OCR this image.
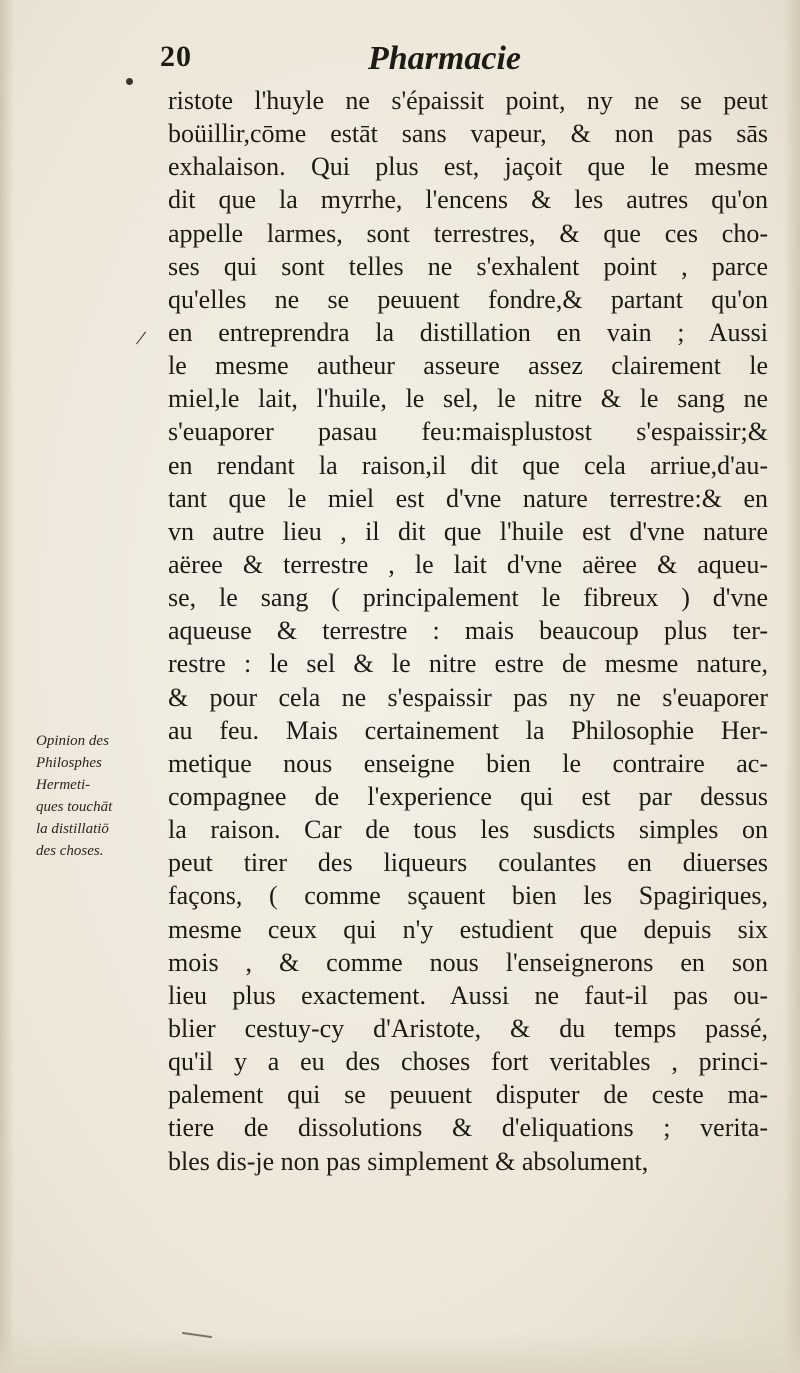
20	Pharmacie
/
ristote l'huyle ne s'épaissit point, ny ne se peut
boüillir,cōme estāt sans vapeur, & non pas sās
exhalaison. Qui plus est, jaçoit que le mesme
dit que la myrrhe, l'encens & les autres qu'on
appelle larmes, sont terrestres, & que ces cho-
ses qui sont telles ne s'exhalent point , parce
qu'elles ne se peuuent fondre,& partant qu'on
en entreprendra la distillation en vain ; Aussi
le mesme autheur asseure assez clairement le
miel,le lait, l'huile, le sel, le nitre & le sang ne
s'euaporer pasau feu:maisplustost s'espaissir;&
en rendant la raison,il dit que cela arriue,d'au-
tant que le miel est d'vne nature terrestre:& en
vn autre lieu , il dit que l'huile est d'vne nature
aëree & terrestre , le lait d'vne aëree & aqueu-
se, le sang ( principalement le fibreux ) d'vne
aqueuse & terrestre : mais beaucoup plus ter-
restre : le sel & le nitre estre de mesme nature,
& pour cela ne s'espaissir pas ny ne s'euaporer
au feu. Mais certainement la Philosophie Her-
metique nous enseigne bien le contraire ac-
compagnee de l'experience qui est par dessus
la raison. Car de tous les susdicts simples on
peut tirer des liqueurs coulantes en diuerses
façons, ( comme sçauent bien les Spagiriques,
mesme ceux qui n'y estudient que depuis six
mois , & comme nous l'enseignerons en son
lieu plus exactement. Aussi ne faut-il pas ou-
blier cestuy-cy d'Aristote, & du temps passé,
qu'il y a eu des choses fort veritables , princi-
palement qui se peuuent disputer de ceste ma-
tiere de dissolutions & d'eliquations ; verita-
bles dis-je non pas simplement & absolument,
Opinion des
Philosphes
Hermeti-
ques touchāt
la distillatiō
des choses.
